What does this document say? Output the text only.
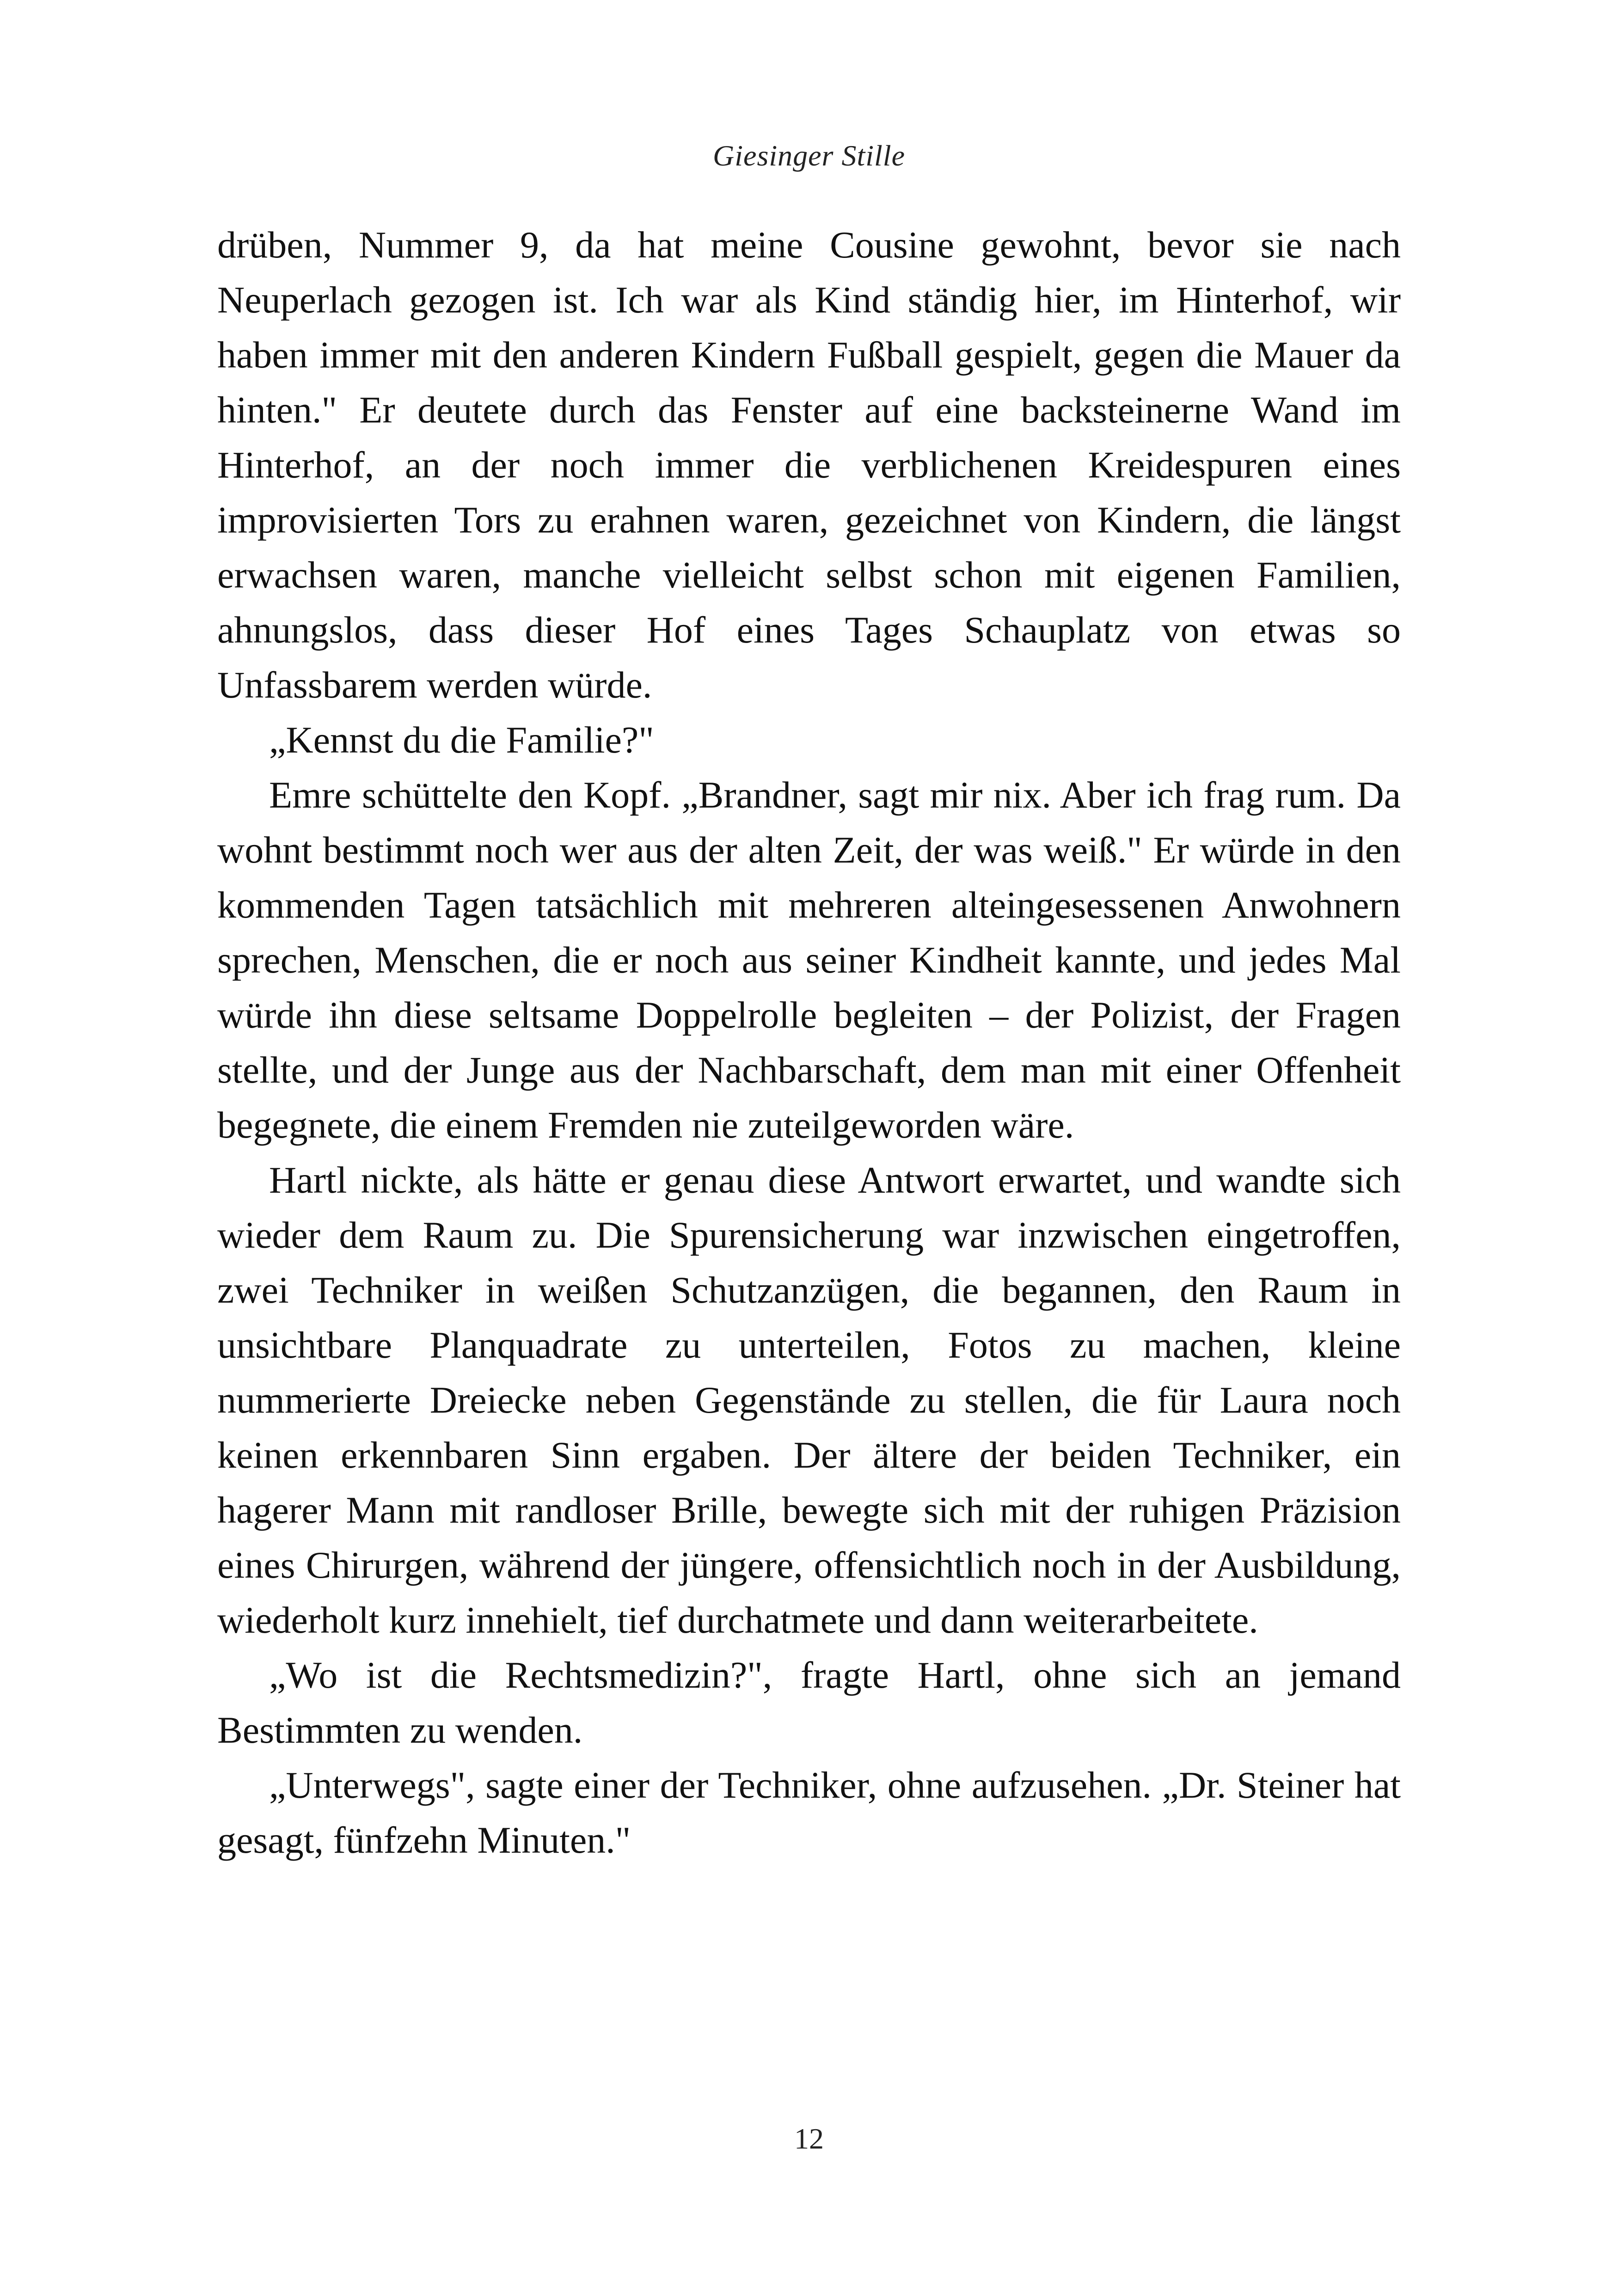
Giesinger Stille

drüben, Nummer 9, da hat meine Cousine gewohnt, bevor sie nach Neuperlach gezogen ist. Ich war als Kind ständig hier, im Hinterhof, wir haben immer mit den anderen Kindern Fußball gespielt, gegen die Mauer da hinten." Er deutete durch das Fenster auf eine backsteinerne Wand im Hinterhof, an der noch immer die verblichenen Kreidespuren eines improvisierten Tors zu erahnen waren, gezeichnet von Kindern, die längst erwachsen waren, manche vielleicht selbst schon mit eigenen Familien, ahnungslos, dass dieser Hof eines Tages Schauplatz von etwas so Unfassbarem werden würde.

„Kennst du die Familie?"

Emre schüttelte den Kopf. „Brandner, sagt mir nix. Aber ich frag rum. Da wohnt bestimmt noch wer aus der alten Zeit, der was weiß." Er würde in den kommenden Tagen tatsächlich mit mehreren alteingesessenen Anwohnern sprechen, Menschen, die er noch aus seiner Kindheit kannte, und jedes Mal würde ihn diese seltsame Doppelrolle begleiten – der Polizist, der Fragen stellte, und der Junge aus der Nachbarschaft, dem man mit einer Offenheit begegnete, die einem Fremden nie zuteilgeworden wäre.

Hartl nickte, als hätte er genau diese Antwort erwartet, und wandte sich wieder dem Raum zu. Die Spurensicherung war inzwischen eingetroffen, zwei Techniker in weißen Schutzanzügen, die begannen, den Raum in unsichtbare Planquadrate zu unterteilen, Fotos zu machen, kleine nummerierte Dreiecke neben Gegenstände zu stellen, die für Laura noch keinen erkennbaren Sinn ergaben. Der ältere der beiden Techniker, ein hagerer Mann mit randloser Brille, bewegte sich mit der ruhigen Präzision eines Chirurgen, während der jüngere, offensichtlich noch in der Ausbildung, wiederholt kurz innehielt, tief durchatmete und dann weiterarbeitete.

„Wo ist die Rechtsmedizin?", fragte Hartl, ohne sich an jemand Bestimmten zu wenden.

„Unterwegs", sagte einer der Techniker, ohne aufzusehen. „Dr. Steiner hat gesagt, fünfzehn Minuten."

12
